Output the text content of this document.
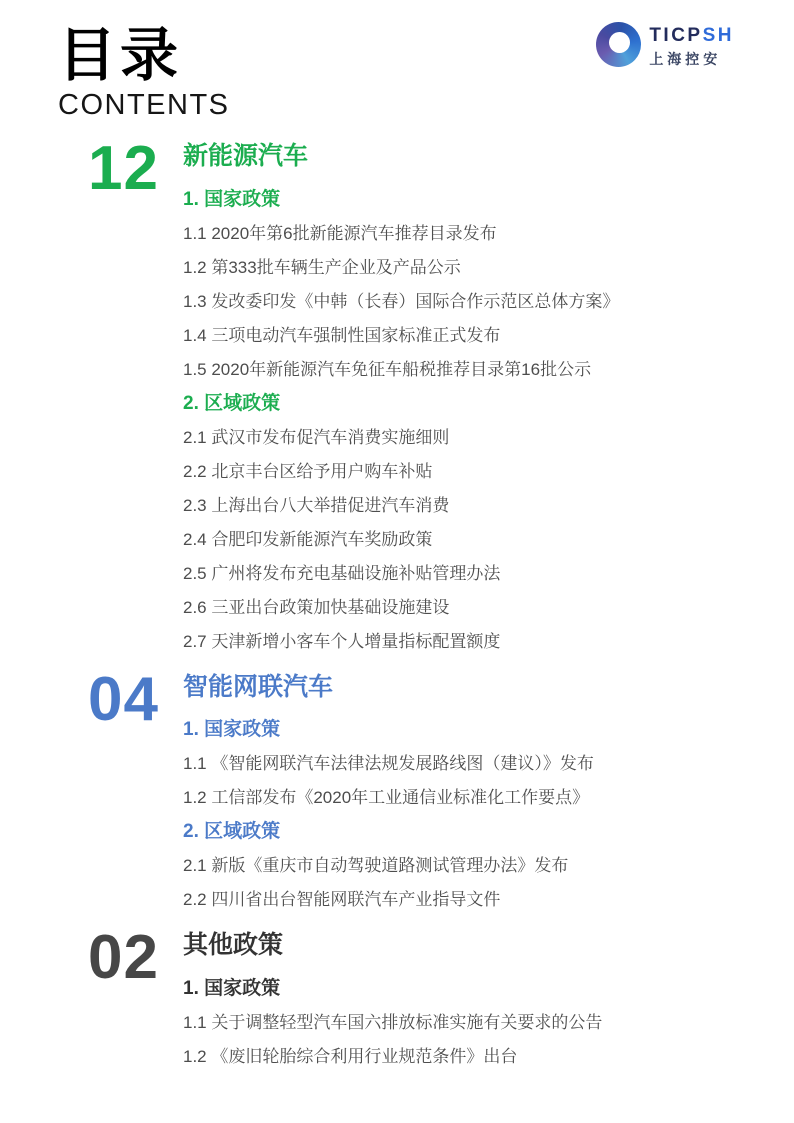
目录
CONTENTS
TICPSH
上海控安
12 新能源汽车
1. 国家政策
1.1 2020年第6批新能源汽车推荐目录发布
1.2 第333批车辆生产企业及产品公示
1.3 发改委印发《中韩（长春）国际合作示范区总体方案》
1.4 三项电动汽车强制性国家标准正式发布
1.5 2020年新能源汽车免征车船税推荐目录第16批公示
2. 区域政策
2.1 武汉市发布促汽车消费实施细则
2.2 北京丰台区给予用户购车补贴
2.3 上海出台八大举措促进汽车消费
2.4 合肥印发新能源汽车奖励政策
2.5 广州将发布充电基础设施补贴管理办法
2.6 三亚出台政策加快基础设施建设
2.7 天津新增小客车个人增量指标配置额度
04 智能网联汽车
1. 国家政策
1.1 《智能网联汽车法律法规发展路线图（建议）》发布
1.2 工信部发布《2020年工业通信业标准化工作要点》
2. 区域政策
2.1 新版《重庆市自动驾驶道路测试管理办法》发布
2.2 四川省出台智能网联汽车产业指导文件
02 其他政策
1. 国家政策
1.1 关于调整轻型汽车国六排放标准实施有关要求的公告
1.2 《废旧轮胎综合利用行业规范条件》出台
